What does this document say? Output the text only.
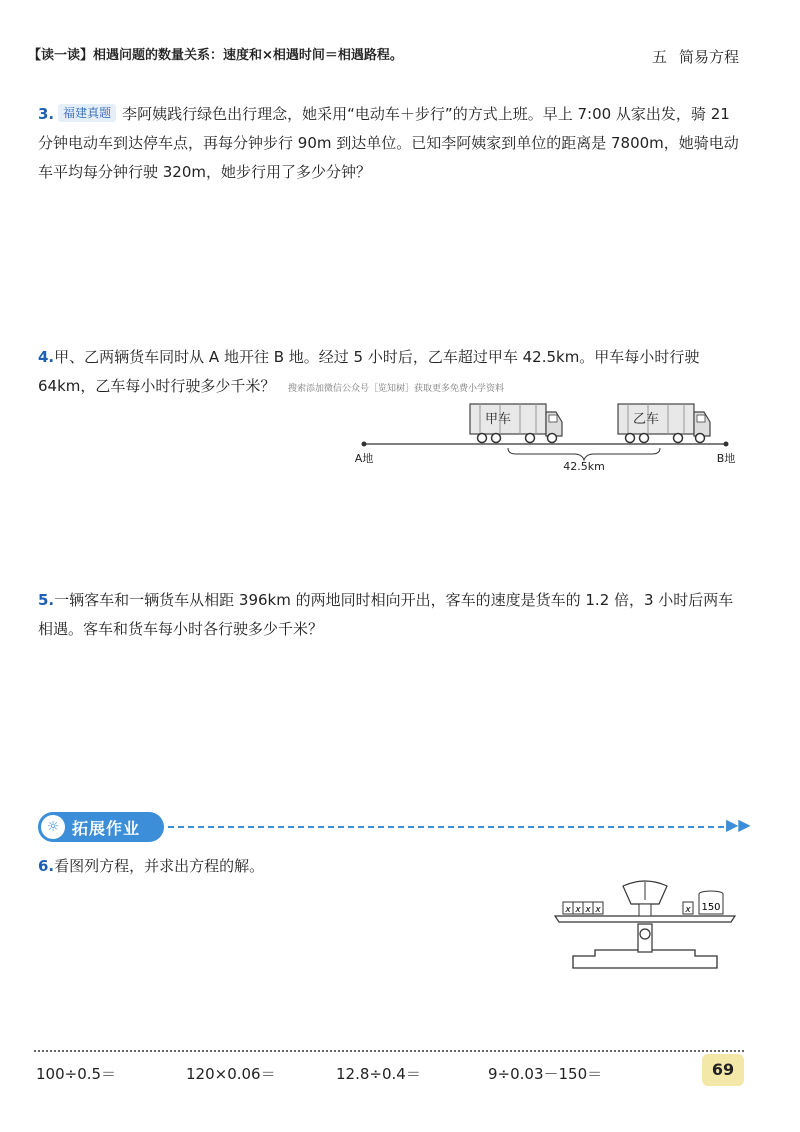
【读一读】相遇问题的数量关系：速度和×相遇时间＝相遇路程。	五 简易方程
3. 福建真题 李阿姨践行绿色出行理念，她采用“电动车＋步行”的方式上班。早上 7:00 从家出发，骑 21 分钟电动车到达停车点，再每分钟步行 90m 到达单位。已知李阿姨家到单位的距离是 7800m，她骑电动车平均每分钟行驶 320m，她步行用了多少分钟？
4.甲、乙两辆货车同时从 A 地开往 B 地。经过 5 小时后，乙车超过甲车 42.5km。甲车每小时行驶 64km，乙车每小时行驶多少千米？	搜索添加微信公众号［览知树］获取更多免费小学资料
甲车	乙车
A地	B地
42.5km
5.一辆客车和一辆货车从相距 396km 的两地同时相向开出，客车的速度是货车的 1.2 倍，3 小时后两车相遇。客车和货车每小时各行驶多少千米？
☼ 拓展作业	▶▶
6.看图列方程，并求出方程的解。
x x x x	x 150
100÷0.5＝	120×0.06＝	12.8÷0.4＝	9÷0.03－150＝	69
